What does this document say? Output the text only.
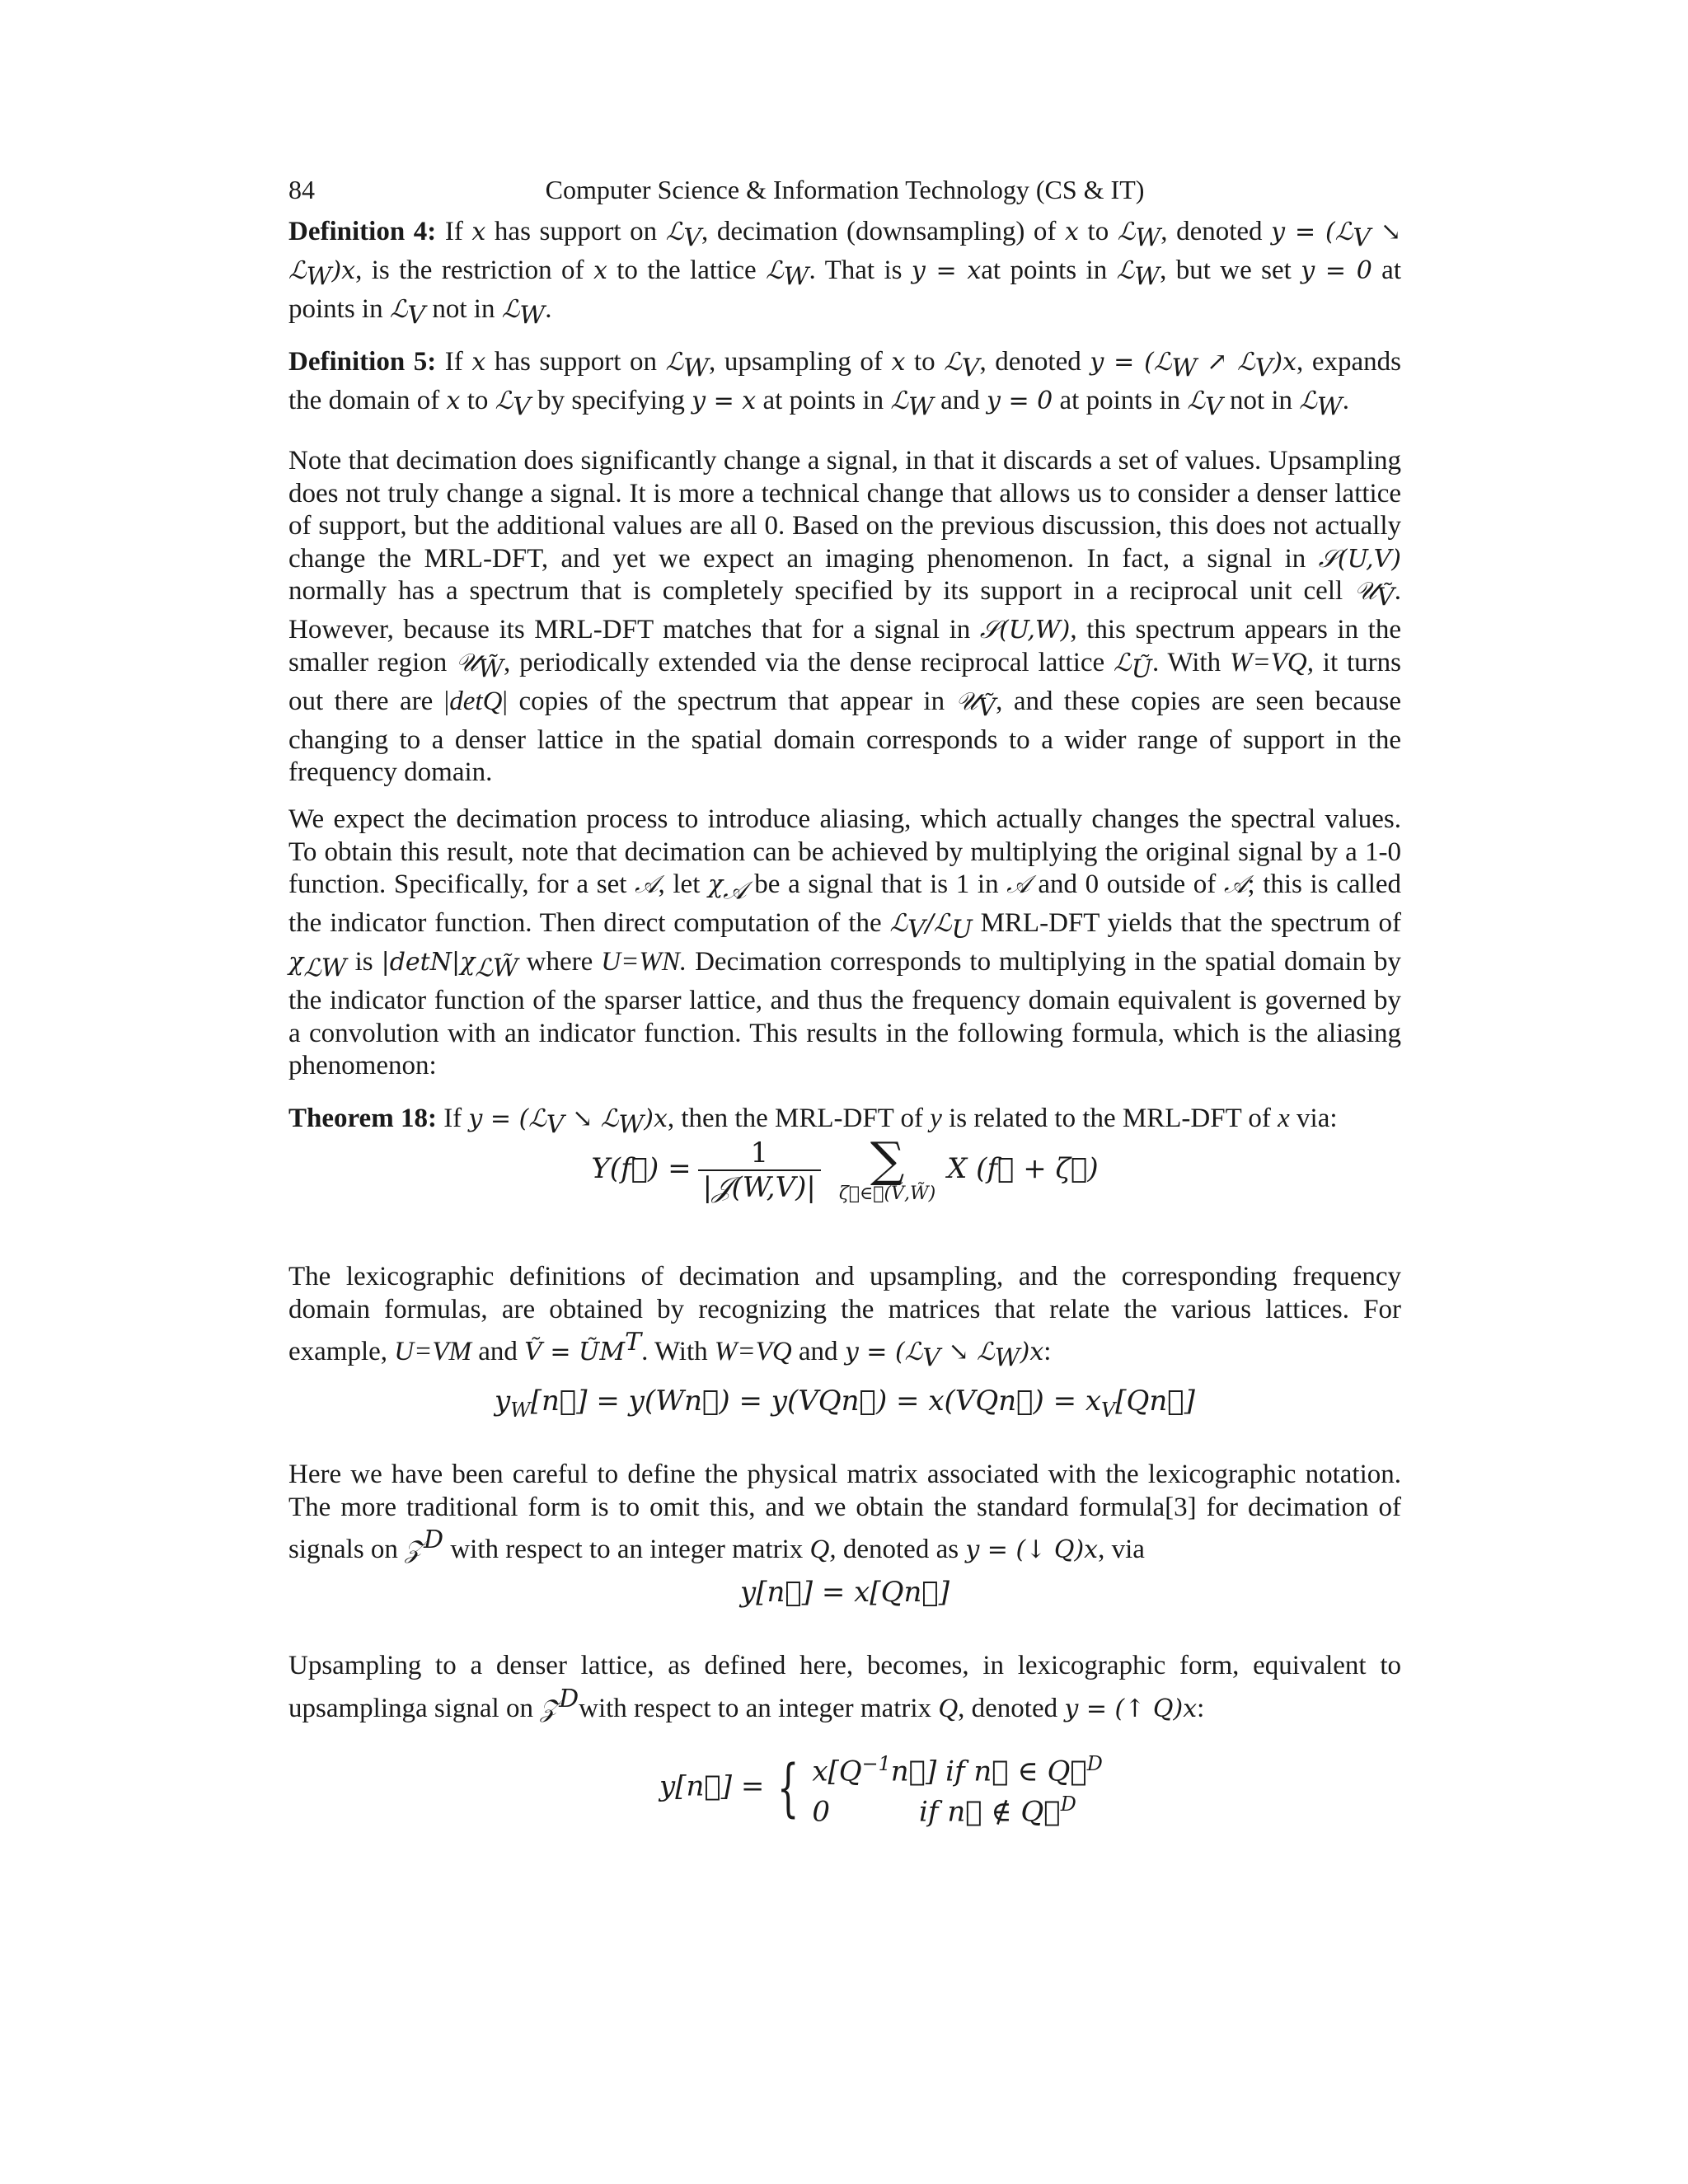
84	Computer Science & Information Technology (CS & IT)

Definition 4: If x has support on ℒ$_V$, decimation (downsampling) of x to ℒ$_W$, denoted y = (ℒ$_V$ ↘ ℒ$_W$)x, is the restriction of x to the lattice ℒ$_W$. That is y = xat points in ℒ$_W$, but we set y = 0 at points in ℒ$_V$ not in ℒ$_W$.

Definition 5: If x has support on ℒ$_W$, upsampling of x to ℒ$_V$, denoted y = (ℒ$_W$ ↗ ℒ$_V$)x, expands the domain of x to ℒ$_V$ by specifying y = x at points in ℒ$_W$ and y = 0 at points in ℒ$_V$ not in ℒ$_W$.

Note that decimation does significantly change a signal, in that it discards a set of values. Upsampling does not truly change a signal. It is more a technical change that allows us to consider a denser lattice of support, but the additional values are all 0. Based on the previous discussion, this does not actually change the MRL-DFT, and yet we expect an imaging phenomenon. In fact, a signal in 𝒮(U,V) normally has a spectrum that is completely specified by its support in a reciprocal unit cell 𝒰$_Ṽ$. However, because its MRL-DFT matches that for a signal in 𝒮(U,W), this spectrum appears in the smaller region 𝒰$_{W̃}$, periodically extended via the dense reciprocal lattice ℒ$_Ũ$. With W=VQ, it turns out there are |detQ| copies of the spectrum that appear in 𝒰$_Ṽ$, and these copies are seen because changing to a denser lattice in the spatial domain corresponds to a wider range of support in the frequency domain.

We expect the decimation process to introduce aliasing, which actually changes the spectral values. To obtain this result, note that decimation can be achieved by multiplying the original signal by a 1-0 function. Specifically, for a set 𝒜, let $\chi_𝒜$ be a signal that is 1 in 𝒜 and 0 outside of 𝒜; this is called the indicator function. Then direct computation of the ℒ$_V$/ℒ$_U$ MRL-DFT yields that the spectrum of $\chi_{ℒW}$ is $|\det N|\chi_{ℒW̃}$ where U=WN. Decimation corresponds to multiplying in the spatial domain by the indicator function of the sparser lattice, and thus the frequency domain equivalent is governed by a convolution with an indicator function. This results in the following formula, which is the aliasing phenomenon:

Theorem 18: If y = (ℒ$_V$ ↘ ℒ$_W$)x, then the MRL-DFT of y is related to the MRL-DFT of x via:

Y(f⃗) = $\frac{1}{\text{|𝒥(W,V)|}}$	∑
ζ⃗∈𝒥(Ṽ,W̃)
X (f⃗ + ζ⃗)

The lexicographic definitions of decimation and upsampling, and the corresponding frequency domain formulas, are obtained by recognizing the matrices that relate the various lattices. For example, U=VM and Ṽ = $ŨM^T$. With W=VQ and y = (ℒ$_V$ ↘ ℒ$_W$)x:

$y_W[n⃗]$ = y(Wn⃗) = y(VQn⃗) = x(VQn⃗) = $x_V[Qn⃗]$

Here we have been careful to define the physical matrix associated with the lexicographic notation. The more traditional form is to omit this, and we obtain the standard formula[3] for decimation of signals on 𝒵$^D$ with respect to an integer matrix Q, denoted as y = (↓ Q)x, via

y[n⃗] = x[Qn⃗]

Upsampling to a denser lattice, as defined here, becomes, in lexicographic form, equivalent to upsamplinga signal on 𝒵$^D$with respect to an integer matrix Q, denoted y = (↑ Q)x:

y[n⃗] = { $x[Q^{-1}n⃗]$ if n⃗ ∈ Q𝒵$^D$
0	if n⃗ ∉ Q𝒵$^D$
